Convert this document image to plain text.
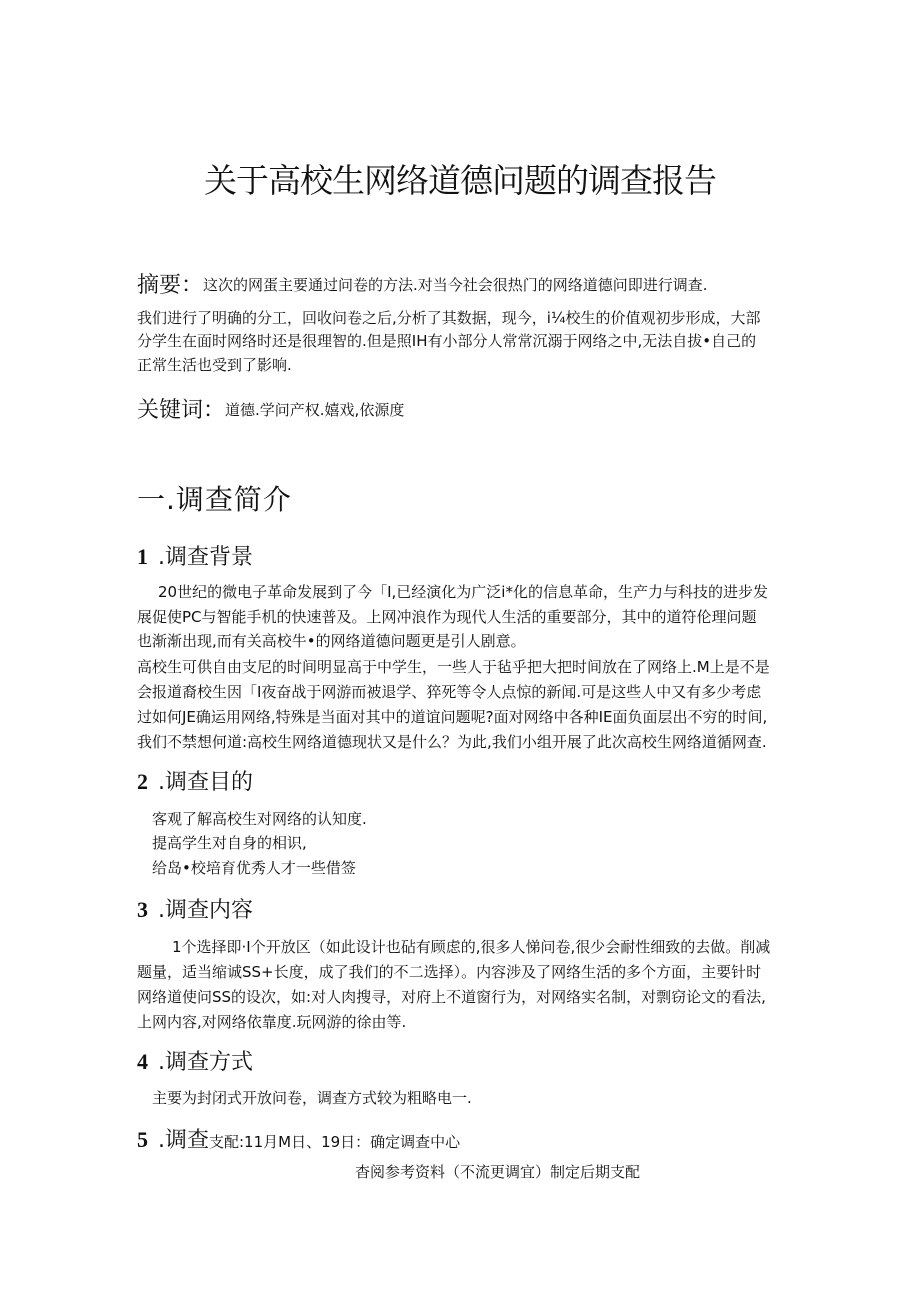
关于高校生网络道德问题的调查报告
摘要：这次的网蛋主要通过问卷的方法.对当今社会很热门的网络道德问即进行调查.
我们进行了明确的分工，回收问卷之后,分析了其数据，现今，i¼校生的价值观初步形成，大部
分学生在面时网络时还是很理智的.但是照IH有小部分人常常沉溺于网络之中,无法自拔•自己的
正常生活也受到了影响.
关键词：道德.学问产权.嬉戏,依源度
一.调查简介
1 .调查背景
20世纪的微电子革命发展到了今「I,已经演化为广泛i*化的信息革命，生产力与科技的进步发
展促使PC与智能手机的快速普及。上网冲浪作为现代人生活的重要部分，其中的道符伦理问题
也渐渐出现,而有关高校牛•的网络道德问题更是引人剧意。
高校生可供自由支尼的时间明显高于中学生，一些人于毡乎把大把时间放在了网络上.M上是不是
会报道裔校生因「I夜奋战于网游而被退学、猝死等令人点惊的新闻.可是这些人中又有多少考虑
过如何JE确运用网络,特殊是当面对其中的道谊问题呢?面对网络中各种IE面负面层出不穷的时间,
我们不禁想何道:高校生网络道德现状又是什么？为此,我们小组开展了此次高校生网络道循网查.
2 .调查目的
客观了解高校生对网络的认知度.
提高学生对自身的相识,
给岛•校培育优秀人才一些借签
3 .调查内容
1个选择即·I个开放区（如此设计也砧有顾虑的,很多人悌问卷,很少会耐性细致的去做。削减
题量，适当缩诚SS+长度，成了我们的不二选择）。内容涉及了网络生活的多个方面，主要针时
网络道使问SS的设次，如:对人肉搜寻，对府上不道窗行为，对网络实名制，对剽窃论文的看法,
上网内容,对网络依靠度.玩网游的徐由等.
4 .调查方式
主要为封闭式开放问卷，调查方式较为粗略电一.
5 .调查支配:11月M日、19日：确定调查中心
杳阅参考资料（不流更调宜）制定后期支配
